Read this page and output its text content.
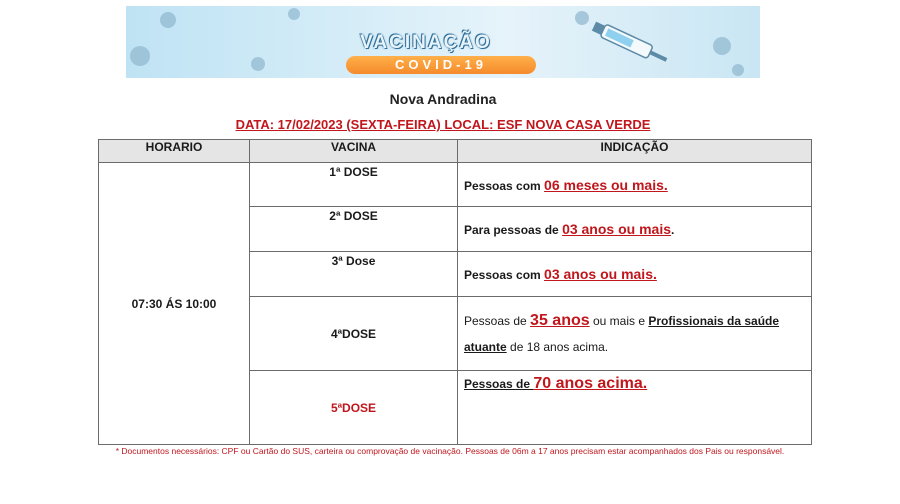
VACINAÇÃO
COVID-19
Nova Andradina
DATA: 17/02/2023 (SEXTA-FEIRA) LOCAL: ESF NOVA CASA VERDE
HORARIO	VACINA	INDICAÇÃO
07:30 ÁS 10:00	1ª DOSE	Pessoas com 06 meses ou mais.
	2ª DOSE	Para pessoas de 03 anos ou mais.
	3ª Dose	Pessoas com 03 anos ou mais.
	4ªDOSE	Pessoas de 35 anos ou mais e Profissionais da saúde atuante de 18 anos acima.
	5ªDOSE	Pessoas de 70 anos acima.
* Documentos necessários: CPF ou Cartão do SUS, carteira ou comprovação de vacinação. Pessoas de 06m a 17 anos precisam estar acompanhados dos Pais ou responsável.
